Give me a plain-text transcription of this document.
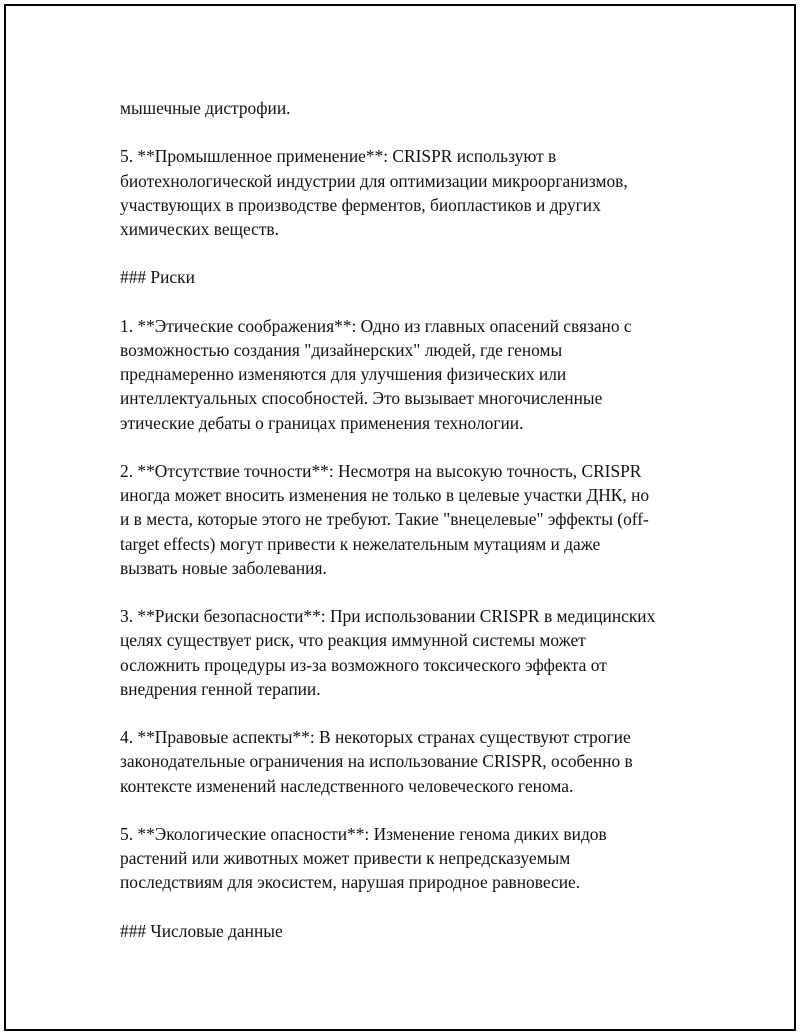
мышечные дистрофии.

5. **Промышленное применение**: CRISPR используют в

биотехнологической индустрии для оптимизации микроорганизмов,

участвующих в производстве ферментов, биопластиков и других

химических веществ.

### Риски

1. **Этические соображения**: Одно из главных опасений связано с

возможностью создания "дизайнерских" людей, где геномы

преднамеренно изменяются для улучшения физических или

интеллектуальных способностей. Это вызывает многочисленные

этические дебаты о границах применения технологии.

2. **Отсутствие точности**: Несмотря на высокую точность, CRISPR

иногда может вносить изменения не только в целевые участки ДНК, но

и в места, которые этого не требуют. Такие "внецелевые" эффекты (off-

target effects) могут привести к нежелательным мутациям и даже

вызвать новые заболевания.

3. **Риски безопасности**: При использовании CRISPR в медицинских

целях существует риск, что реакция иммунной системы может

осложнить процедуры из-за возможного токсического эффекта от

внедрения генной терапии.

4. **Правовые аспекты**: В некоторых странах существуют строгие

законодательные ограничения на использование CRISPR, особенно в

контексте изменений наследственного человеческого генома.

5. **Экологические опасности**: Изменение генома диких видов

растений или животных может привести к непредсказуемым

последствиям для экосистем, нарушая природное равновесие.

### Числовые данные
